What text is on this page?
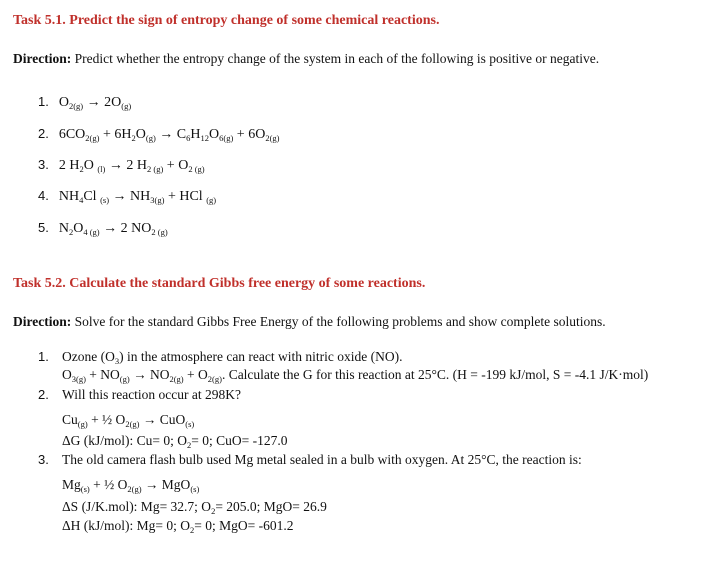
Task 5.1. Predict the sign of entropy change of some chemical reactions.
Direction: Predict whether the entropy change of the system in each of the following is positive or negative.
1. $O_{2(g)} \to 2O_{(g)}$
2. $6CO_{2(g)} + 6H_2O_{(g)} \to C_6H_{12}O_{6(g)} + 6O_{2(g)}$
3. 2 $H_2O$ $_{(l)}$ → 2 $H_{2 (g)} + O_{2 (g)}$
4. $NH_4Cl$ $_{(s)} \to NH_{3(g)}$ + HCl $_{(g)}$
5. $N_2O_{4 (g)} \to 2$ $NO_{2 (g)}$
Task 5.2. Calculate the standard Gibbs free energy of some reactions.
Direction: Solve for the standard Gibbs Free Energy of the following problems and show complete solutions.
1. Ozone $(O_3)$ in the atmosphere can react with nitric oxide (NO).
$O_{3(g)} + NO_{(g)} \to NO_{2(g)} + O_{2(g)}$. Calculate the G for this reaction at 25°C. (H = -199 kJ/mol, S = -4.1 J/K·mol)
2. Will this reaction occur at 298K?
$Cu_{(g)}$ + ½ $O_{2(g)} \to CuO_{(s)}$
ΔG (kJ/mol): Cu= 0; $O_2= 0$; CuO= -127.0
3. The old camera flash bulb used Mg metal sealed in a bulb with oxygen. At 25°C, the reaction is:
$Mg_{(s)}$ + ½ $O_{2(g)} \to MgO_{(s)}$
ΔS (J/K.mol): Mg= 32.7; $O_2= 205.0$; MgO= 26.9
ΔH (kJ/mol): Mg= 0; $O_2= 0$; MgO= -601.2
